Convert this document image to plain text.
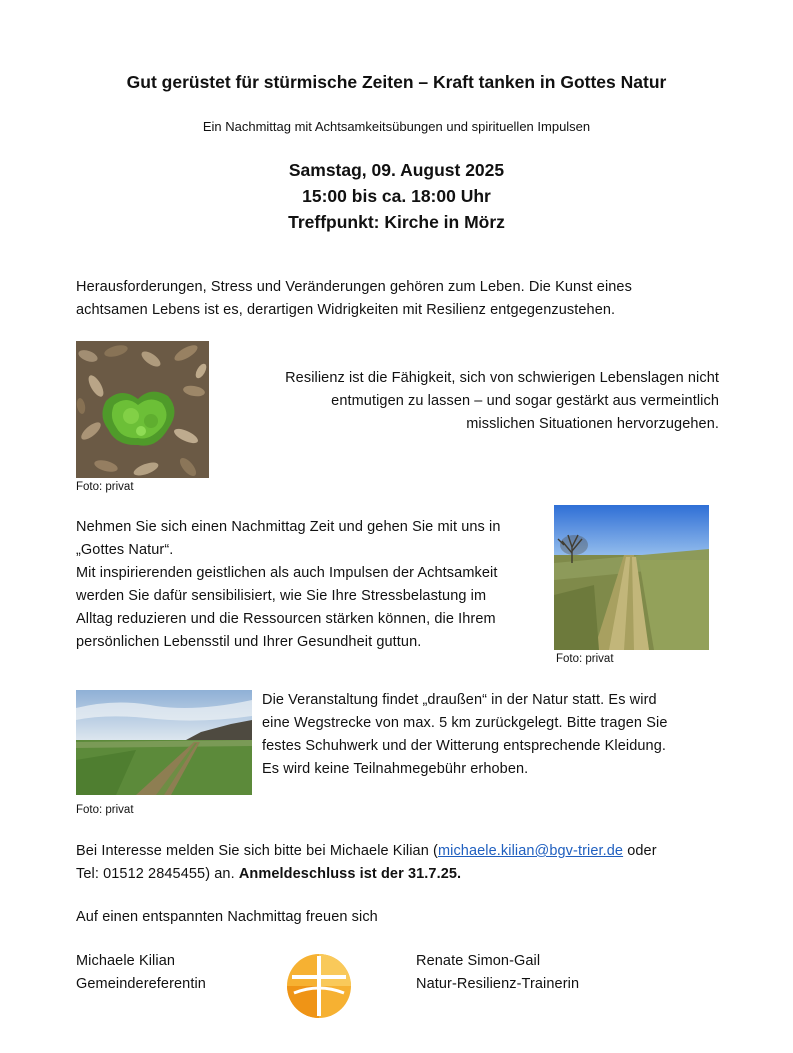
Gut gerüstet für stürmische Zeiten – Kraft tanken in Gottes Natur
Ein Nachmittag mit Achtsamkeitsübungen und spirituellen Impulsen
Samstag, 09. August 2025
15:00 bis ca. 18:00 Uhr
Treffpunkt: Kirche in Mörz
Herausforderungen, Stress und Veränderungen gehören zum Leben. Die Kunst eines
achtsamen Lebens ist es, derartigen Widrigkeiten mit Resilienz entgegenzustehen.
Foto: privat
Resilienz ist die Fähigkeit, sich von schwierigen Lebenslagen nicht
entmutigen zu lassen – und sogar gestärkt aus vermeintlich
misslichen Situationen hervorzugehen.
Nehmen Sie sich einen Nachmittag Zeit und gehen Sie mit uns in
„Gottes Natur“.
Mit inspirierenden geistlichen als auch Impulsen der Achtsamkeit
werden Sie dafür sensibilisiert, wie Sie Ihre Stressbelastung im
Alltag reduzieren und die Ressourcen stärken können, die Ihrem
persönlichen Lebensstil und Ihrer Gesundheit guttun.
Foto: privat
Foto: privat
Die Veranstaltung findet „draußen“ in der Natur statt. Es wird
eine Wegstrecke von max. 5 km zurückgelegt. Bitte tragen Sie
festes Schuhwerk und der Witterung entsprechende Kleidung.
Es wird keine Teilnahmegebühr erhoben.
Bei Interesse melden Sie sich bitte bei Michaele Kilian (michaele.kilian@bgv-trier.de oder
Tel: 01512 2845455) an. Anmeldeschluss ist der 31.7.25.
Auf einen entspannten Nachmittag freuen sich
Michaele Kilian
Gemeindereferentin
Renate Simon-Gail
Natur-Resilienz-Trainerin
